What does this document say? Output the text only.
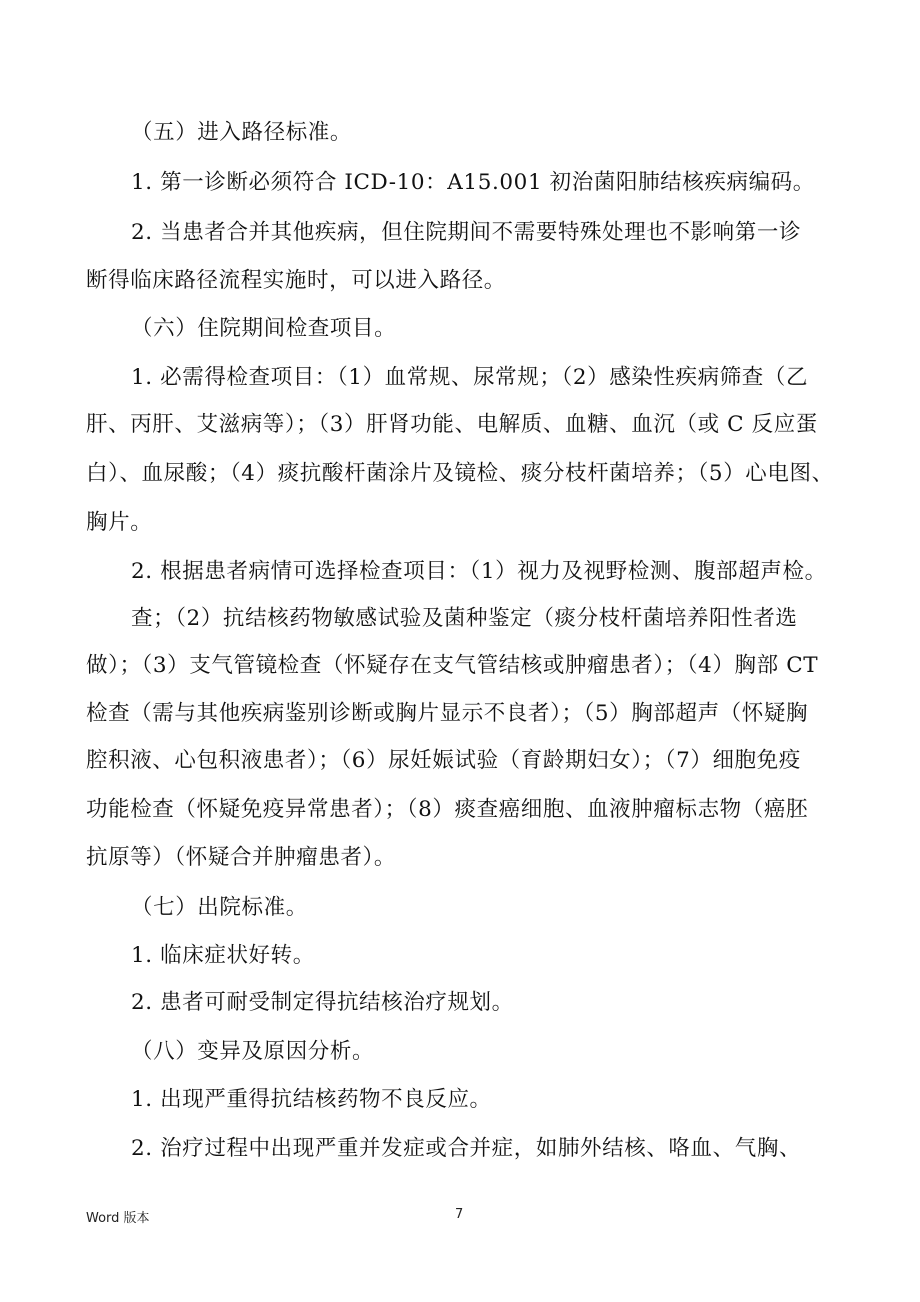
（五）进入路径标准。
1. 第一诊断必须符合 ICD-10：A15.001 初治菌阳肺结核疾病编码。
2. 当患者合并其他疾病，但住院期间不需要特殊处理也不影响第一诊
断得临床路径流程实施时，可以进入路径。
（六）住院期间检查项目。
1. 必需得检查项目：（1）血常规、尿常规；（2）感染性疾病筛查（乙
肝、丙肝、艾滋病等）；（3）肝肾功能、电解质、血糖、血沉（或 C 反应蛋
白）、血尿酸；（4）痰抗酸杆菌涂片及镜检、痰分枝杆菌培养；（5）心电图、
胸片。
2. 根据患者病情可选择检查项目：（1）视力及视野检测、腹部超声检。
查；（2）抗结核药物敏感试验及菌种鉴定（痰分枝杆菌培养阳性者选
做）；（3）支气管镜检查（怀疑存在支气管结核或肿瘤患者）；（4）胸部 CT
检查（需与其他疾病鉴别诊断或胸片显示不良者）；（5）胸部超声（怀疑胸
腔积液、心包积液患者）；（6）尿妊娠试验（育龄期妇女）；（7）细胞免疫
功能检查（怀疑免疫异常患者）；（8）痰查癌细胞、血液肿瘤标志物（癌胚
抗原等）（怀疑合并肿瘤患者）。
（七）出院标准。
1. 临床症状好转。
2. 患者可耐受制定得抗结核治疗规划。
（八）变异及原因分析。
1. 出现严重得抗结核药物不良反应。
2. 治疗过程中出现严重并发症或合并症，如肺外结核、咯血、气胸、
Word 版本	7
